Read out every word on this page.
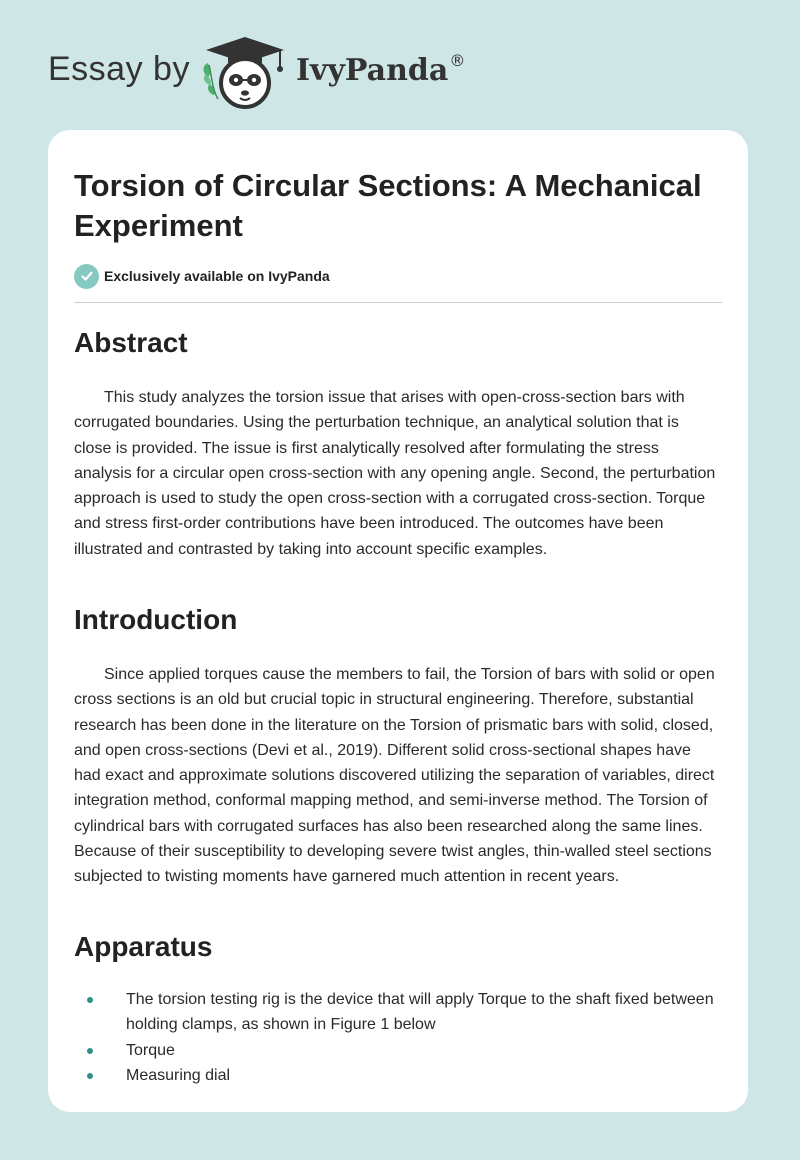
Essay by	IvyPanda®
Torsion of Circular Sections: A Mechanical Experiment
Exclusively available on IvyPanda
Abstract

This study analyzes the torsion issue that arises with open-cross-section bars with corrugated boundaries. Using the perturbation technique, an analytical solution that is close is provided. The issue is first analytically resolved after formulating the stress analysis for a circular open cross-section with any opening angle. Second, the perturbation approach is used to study the open cross-section with a corrugated cross-section. Torque and stress first-order contributions have been introduced. The outcomes have been illustrated and contrasted by taking into account specific examples.

Introduction

Since applied torques cause the members to fail, the Torsion of bars with solid or open cross sections is an old but crucial topic in structural engineering. Therefore, substantial research has been done in the literature on the Torsion of prismatic bars with solid, closed, and open cross-sections (Devi et al., 2019). Different solid cross-sectional shapes have had exact and approximate solutions discovered utilizing the separation of variables, direct integration method, conformal mapping method, and semi-inverse method. The Torsion of cylindrical bars with corrugated surfaces has also been researched along the same lines. Because of their susceptibility to developing severe twist angles, thin-walled steel sections subjected to twisting moments have garnered much attention in recent years.

Apparatus
The torsion testing rig is the device that will apply Torque to the shaft fixed between holding clamps, as shown in Figure 1 below
Torque
Measuring dial
